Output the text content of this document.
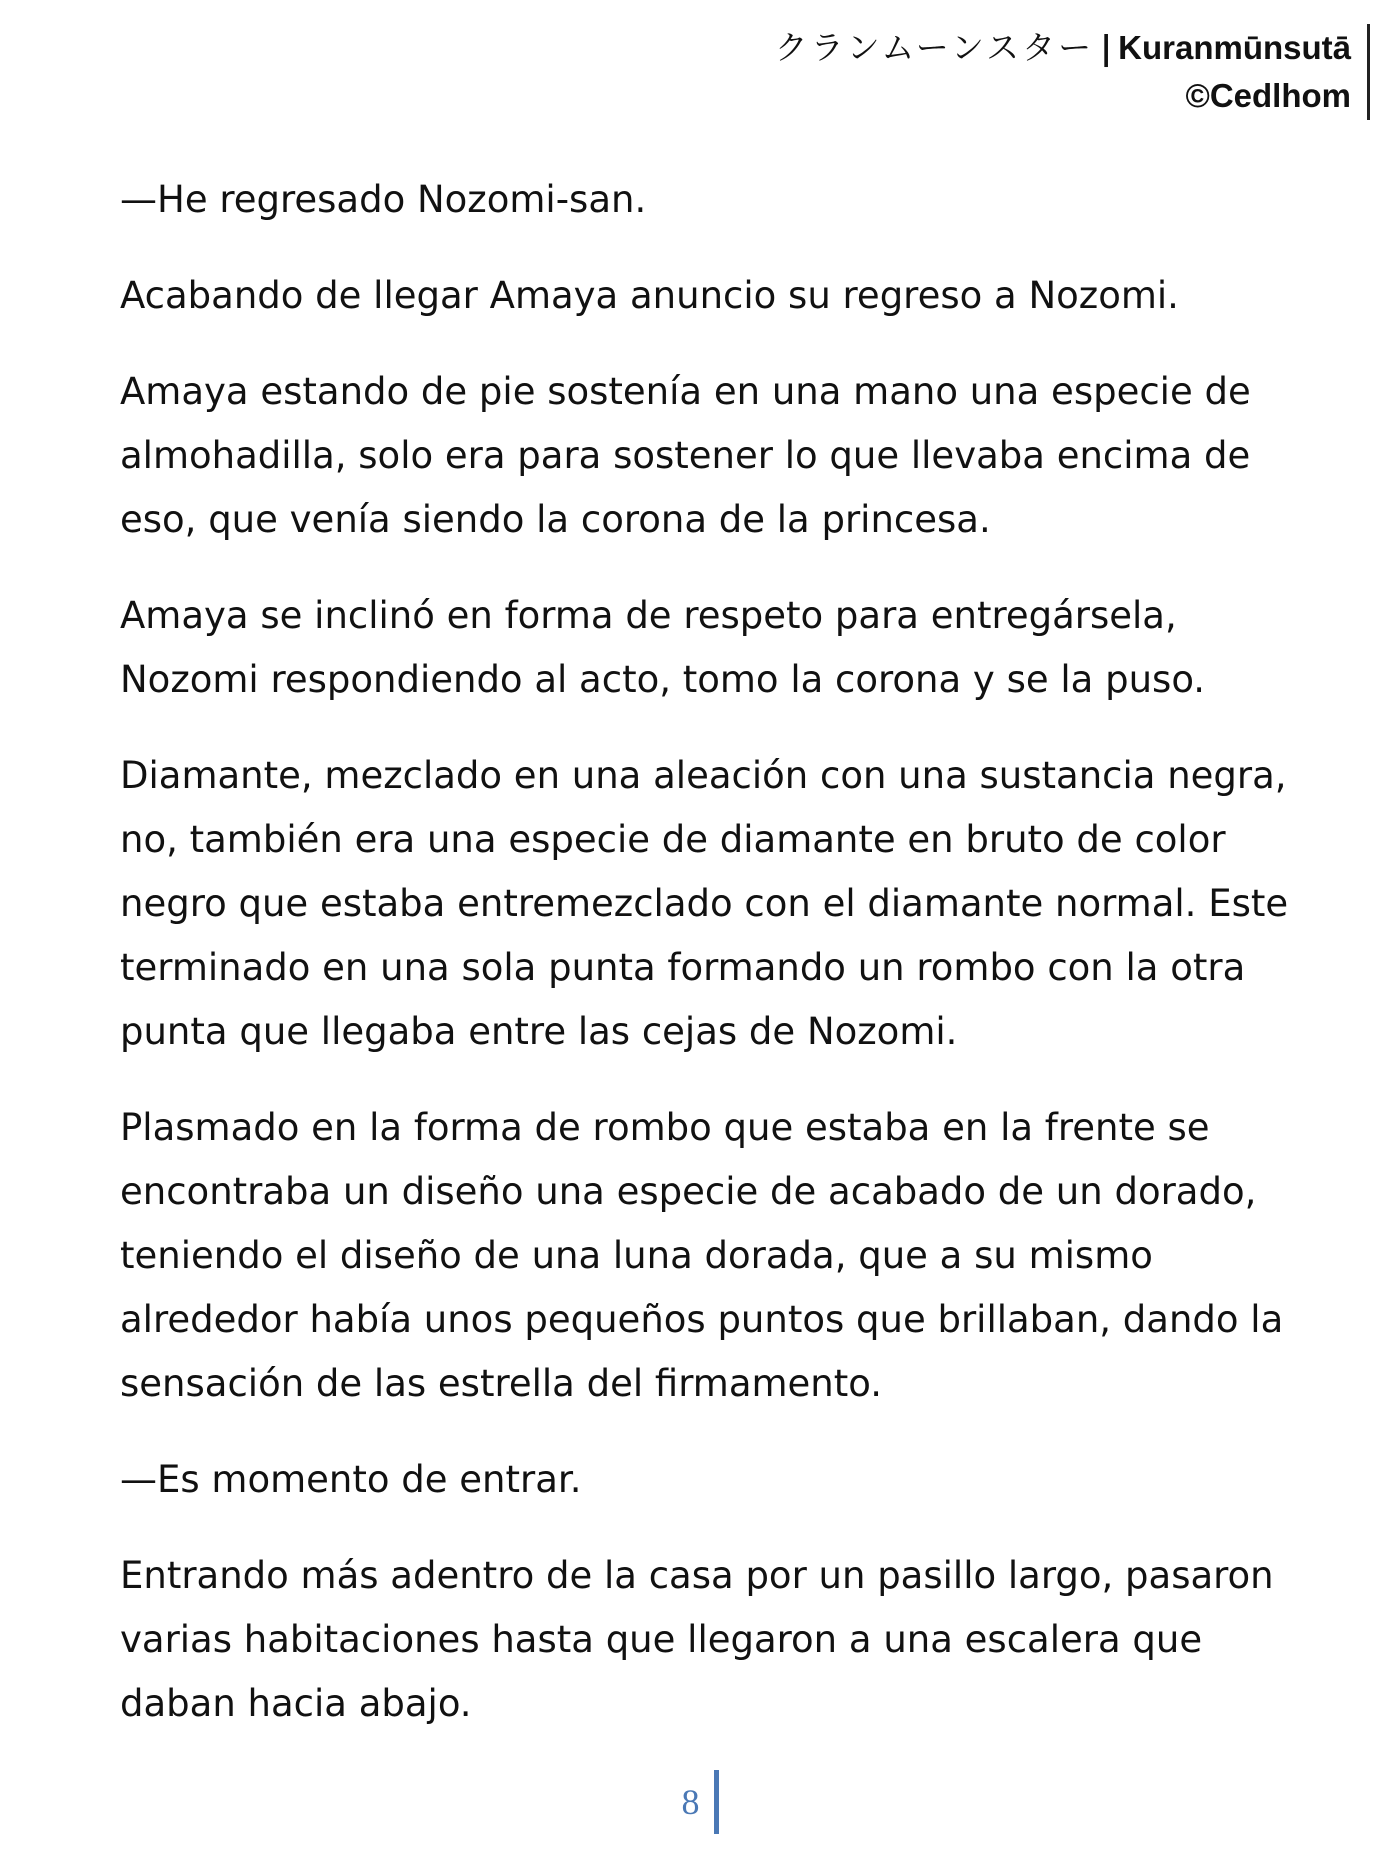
クランムーンスター | Kuranmūnsutā
©Cedlhom

—He regresado Nozomi-san.

Acabando de llegar Amaya anuncio su regreso a Nozomi.

Amaya estando de pie sostenía en una mano una especie de almohadilla, solo era para sostener lo que llevaba encima de eso, que venía siendo la corona de la princesa.

Amaya se inclinó en forma de respeto para entregársela, Nozomi respondiendo al acto, tomo la corona y se la puso.

Diamante, mezclado en una aleación con una sustancia negra, no, también era una especie de diamante en bruto de color negro que estaba entremezclado con el diamante normal. Este terminado en una sola punta formando un rombo con la otra punta que llegaba entre las cejas de Nozomi.

Plasmado en la forma de rombo que estaba en la frente se encontraba un diseño una especie de acabado de un dorado, teniendo el diseño de una luna dorada, que a su mismo alrededor había unos pequeños puntos que brillaban, dando la sensación de las estrella del firmamento.

—Es momento de entrar.

Entrando más adentro de la casa por un pasillo largo, pasaron varias habitaciones hasta que llegaron a una escalera que daban hacia abajo.

8
